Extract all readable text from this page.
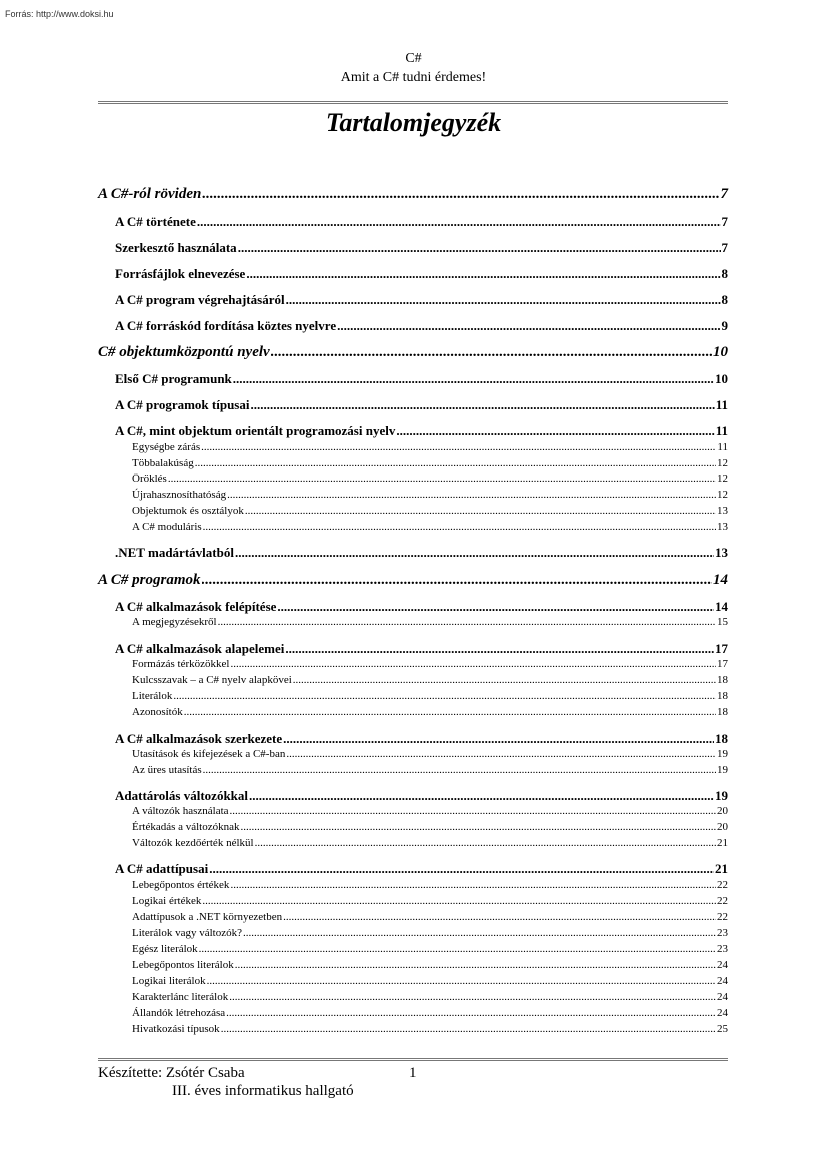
Forrás: http://www.doksi.hu
C#
Amit a C# tudni érdemes!
Tartalomjegyzék
A C#-ról röviden .....	7
A C# története .....	7
Szerkesztő használata .....	7
Forrásfájlok elnevezése .....	8
A C# program végrehajtásáról .....	8
A C# forráskód fordítása köztes nyelvre .....	9
C# objektumközpontú nyelv .....	10
Első C# programunk .....	10
A C# programok típusai .....	11
A C#, mint objektum orientált programozási nyelv .....	11
Egységbe zárás .....	11
Többalakúság .....	12
Öröklés .....	12
Újrahasznosíthatóság .....	12
Objektumok és osztályok .....	13
A C# moduláris .....	13
.NET madártávlatból .....	13
A C# programok .....	14
A C# alkalmazások felépítése .....	14
A megjegyzésekről .....	15
A C# alkalmazások alapelemei .....	17
Formázás térközökkel .....	17
Kulcsszavak – a C# nyelv alapkövei .....	18
Literálok .....	18
Azonosítók .....	18
A C# alkalmazások szerkezete .....	18
Utasítások és kifejezések a C#-ban .....	19
Az üres utasítás .....	19
Adattárolás változókkal .....	19
A változók használata .....	20
Értékadás a változóknak .....	20
Változók kezdőérték nélkül .....	21
A C# adattípusai .....	21
Lebegőpontos értékek .....	22
Logikai értékek .....	22
Adattípusok a .NET környezetben .....	22
Literálok vagy változók? .....	23
Egész literálok .....	23
Lebegőpontos literálok .....	24
Logikai literálok .....	24
Karakterlánc literálok .....	24
Állandók létrehozása .....	24
Hivatkozási típusok .....	25
Készítette: Zsótér Csaba	1
III. éves informatikus hallgató
